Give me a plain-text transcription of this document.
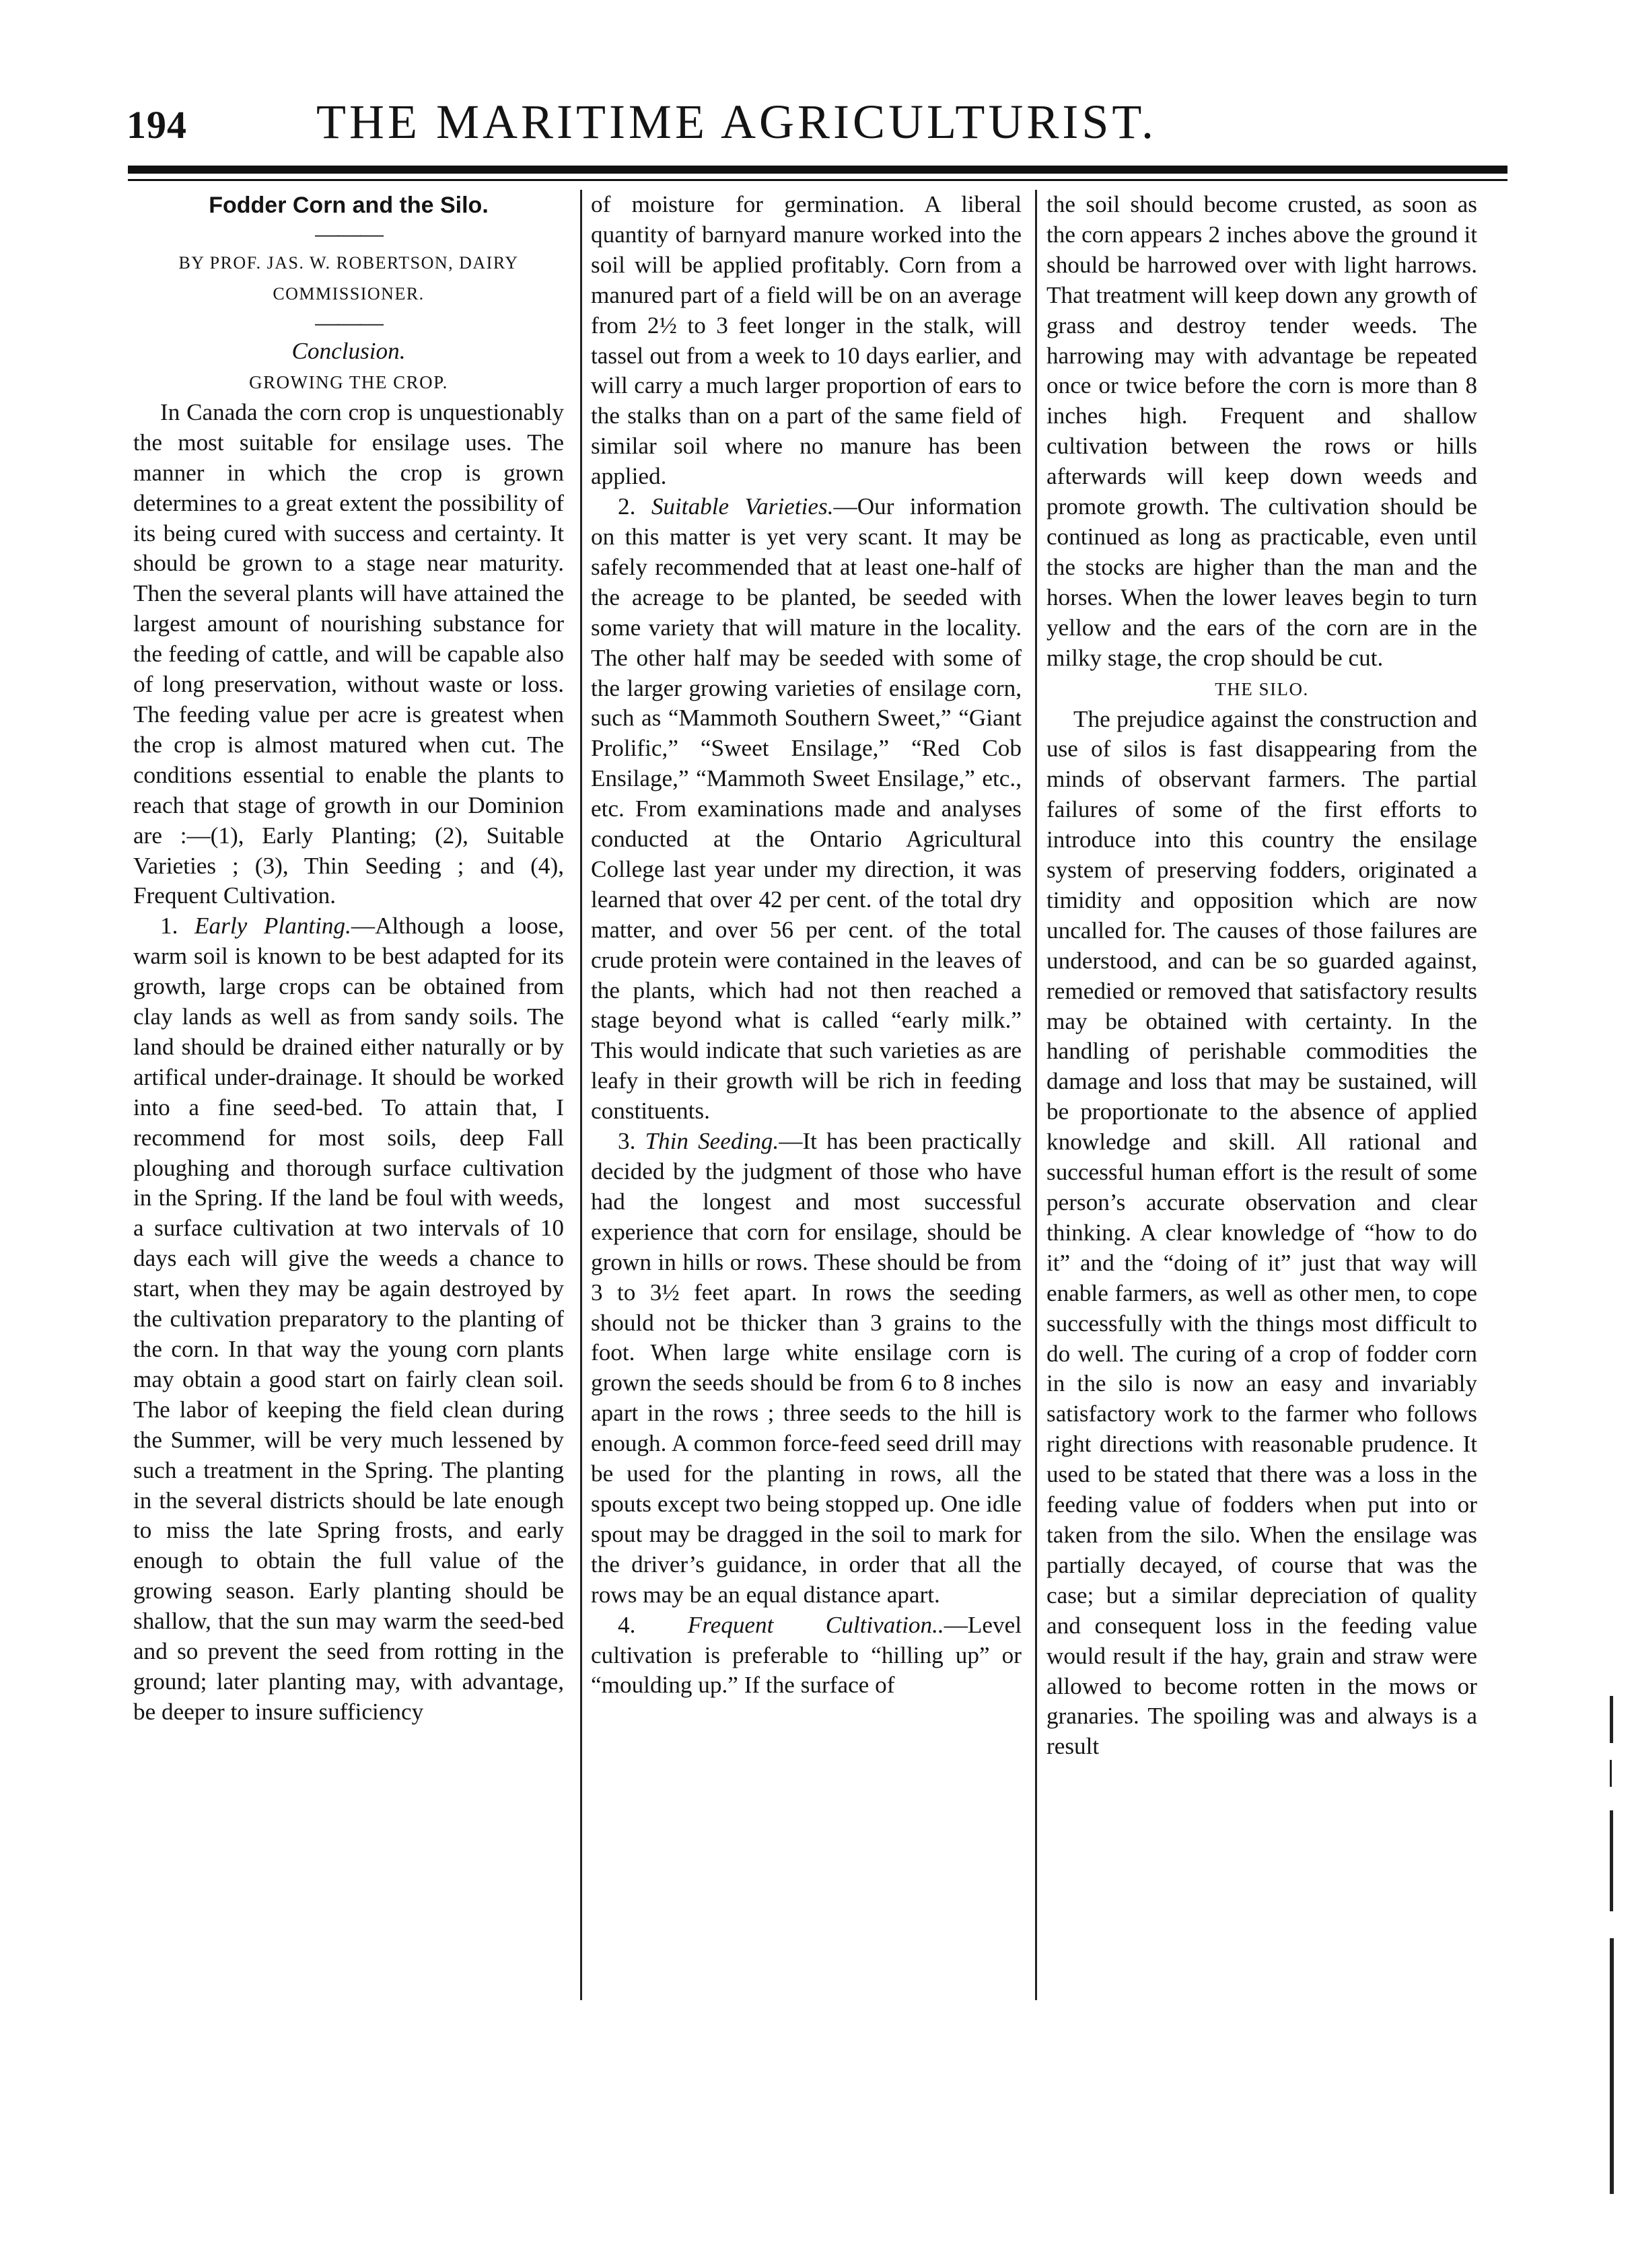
194	THE MARITIME AGRICULTURIST.
Fodder Corn and the Silo.
———
BY PROF. JAS. W. ROBERTSON, DAIRY COMMISSIONER.
———
Conclusion.
GROWING THE CROP.

In Canada the corn crop is unquestionably the most suitable for ensilage uses. The manner in which the crop is grown determines to a great extent the possibility of its being cured with success and certainty. It should be grown to a stage near maturity. Then the several plants will have attained the largest amount of nourishing substance for the feeding of cattle, and will be capable also of long preservation, without waste or loss. The feeding value per acre is greatest when the crop is almost matured when cut. The conditions essential to enable the plants to reach that stage of growth in our Dominion are :—(1), Early Planting; (2), Suitable Varieties ; (3), Thin Seeding ; and (4), Frequent Cultivation.

1. Early Planting.—Although a loose, warm soil is known to be best adapted for its growth, large crops can be obtained from clay lands as well as from sandy soils. The land should be drained either naturally or by artifical under-drainage. It should be worked into a fine seed-bed. To attain that, I recommend for most soils, deep Fall ploughing and thorough surface cultivation in the Spring. If the land be foul with weeds, a surface cultivation at two intervals of 10 days each will give the weeds a chance to start, when they may be again destroyed by the cultivation preparatory to the planting of the corn. In that way the young corn plants may obtain a good start on fairly clean soil. The labor of keeping the field clean during the Summer, will be very much lessened by such a treatment in the Spring. The planting in the several districts should be late enough to miss the late Spring frosts, and early enough to obtain the full value of the growing season. Early planting should be shallow, that the sun may warm the seed-bed and so prevent the seed from rotting in the ground; later planting may, with advantage, be deeper to insure sufficiency

of moisture for germination. A liberal quantity of barnyard manure worked into the soil will be applied profitably. Corn from a manured part of a field will be on an average from 2½ to 3 feet longer in the stalk, will tassel out from a week to 10 days earlier, and will carry a much larger proportion of ears to the stalks than on a part of the same field of similar soil where no manure has been applied.

2. Suitable Varieties.—Our information on this matter is yet very scant. It may be safely recommended that at least one-half of the acreage to be planted, be seeded with some variety that will mature in the locality. The other half may be seeded with some of the larger growing varieties of ensilage corn, such as “Mammoth Southern Sweet,” “Giant Prolific,” “Sweet Ensilage,” “Red Cob Ensilage,” “Mammoth Sweet Ensilage,” etc., etc. From examinations made and analyses conducted at the Ontario Agricultural College last year under my direction, it was learned that over 42 per cent. of the total dry matter, and over 56 per cent. of the total crude protein were contained in the leaves of the plants, which had not then reached a stage beyond what is called “early milk.” This would indicate that such varieties as are leafy in their growth will be rich in feeding constituents.

3. Thin Seeding.—It has been practically decided by the judgment of those who have had the longest and most successful experience that corn for ensilage, should be grown in hills or rows. These should be from 3 to 3½ feet apart. In rows the seeding should not be thicker than 3 grains to the foot. When large white ensilage corn is grown the seeds should be from 6 to 8 inches apart in the rows ; three seeds to the hill is enough. A common force-feed seed drill may be used for the planting in rows, all the spouts except two being stopped up. One idle spout may be dragged in the soil to mark for the driver’s guidance, in order that all the rows may be an equal distance apart.

4. Frequent Cultivation..—Level cultivation is preferable to “hilling up” or “moulding up.” If the surface of

the soil should become crusted, as soon as the corn appears 2 inches above the ground it should be harrowed over with light harrows. That treatment will keep down any growth of grass and destroy tender weeds. The harrowing may with advantage be repeated once or twice before the corn is more than 8 inches high. Frequent and shallow cultivation between the rows or hills afterwards will keep down weeds and promote growth. The cultivation should be continued as long as practicable, even until the stocks are higher than the man and the horses. When the lower leaves begin to turn yellow and the ears of the corn are in the milky stage, the crop should be cut.

THE SILO.

The prejudice against the construction and use of silos is fast disappearing from the minds of observant farmers. The partial failures of some of the first efforts to introduce into this country the ensilage system of preserving fodders, originated a timidity and opposition which are now uncalled for. The causes of those failures are understood, and can be so guarded against, remedied or removed that satisfactory results may be obtained with certainty. In the handling of perishable commodities the damage and loss that may be sustained, will be proportionate to the absence of applied knowledge and skill. All rational and successful human effort is the result of some person’s accurate observation and clear thinking. A clear knowledge of “how to do it” and the “doing of it” just that way will enable farmers, as well as other men, to cope successfully with the things most difficult to do well. The curing of a crop of fodder corn in the silo is now an easy and invariably satisfactory work to the farmer who follows right directions with reasonable prudence. It used to be stated that there was a loss in the feeding value of fodders when put into or taken from the silo. When the ensilage was partially decayed, of course that was the case; but a similar depreciation of quality and consequent loss in the feeding value would result if the hay, grain and straw were allowed to become rotten in the mows or granaries. The spoiling was and always is a result
